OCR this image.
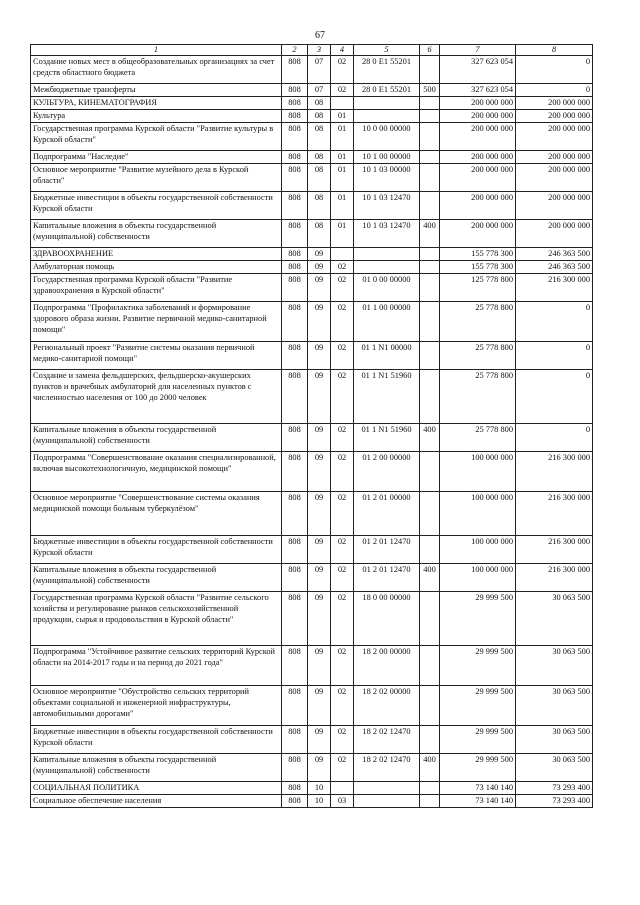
67
1	2	3	4	5	6	7	8
Создание новых мест в общеобразовательных организациях за счет средств областного бюджета	808	07	02	28 0 E1 55201		327 623 054	0
Межбюджетные трансферты	808	07	02	28 0 E1 55201	500	327 623 054	0
КУЛЬТУРА, КИНЕМАТОГРАФИЯ	808	08				200 000 000	200 000 000
Культура	808	08	01			200 000 000	200 000 000
Государственная программа Курской области "Развитие культуры в Курской области"	808	08	01	10 0 00 00000		200 000 000	200 000 000
Подпрограмма "Наследие"	808	08	01	10 1 00 00000		200 000 000	200 000 000
Основное мероприятие "Развитие музейного дела в Курской области"	808	08	01	10 1 03 00000		200 000 000	200 000 000
Бюджетные инвестиции в объекты государственной собственности Курской области	808	08	01	10 1 03 12470		200 000 000	200 000 000
Капитальные вложения в объекты государственной (муниципальной) собственности	808	08	01	10 1 03 12470	400	200 000 000	200 000 000
ЗДРАВООХРАНЕНИЕ	808	09				155 778 300	246 363 500
Амбулаторная помощь	808	09	02			155 778 300	246 363 500
Государственная программа Курской области "Развитие здравоохранения в Курской области"	808	09	02	01 0 00 00000		125 778 800	216 300 000
Подпрограмма "Профилактика заболеваний и формирование здорового образа жизни. Развитие первичной медико-санитарной помощи"	808	09	02	01 1 00 00000		25 778 800	0
Региональный проект "Развитие системы оказания первичной медико-санитарной помощи"	808	09	02	01 1 N1 00000		25 778 800	0
Создание и замена фельдшерских, фельдшерско-акушерских пунктов и врачебных амбулаторий для населенных пунктов с численностью населения от 100 до 2000 человек	808	09	02	01 1 N1 51960		25 778 800	0
Капитальные вложения в объекты государственной (муниципальной) собственности	808	09	02	01 1 N1 51960	400	25 778 800	0
Подпрограмма "Совершенствование оказания специализированной, включая высокотехнологичную, медицинской помощи"	808	09	02	01 2 00 00000		100 000 000	216 300 000
Основное мероприятие "Совершенствование системы оказания медицинской помощи больным туберкулёзом"	808	09	02	01 2 01 00000		100 000 000	216 300 000
Бюджетные инвестиции в объекты государственной собственности Курской области	808	09	02	01 2 01 12470		100 000 000	216 300 000
Капитальные вложения в объекты государственной (муниципальной) собственности	808	09	02	01 2 01 12470	400	100 000 000	216 300 000
Государственная программа Курской области "Развитие сельского хозяйства и регулирование рынков сельскохозяйственной продукции, сырья и продовольствия в Курской области"	808	09	02	18 0 00 00000		29 999 500	30 063 500
Подпрограмма "Устойчивое развитие сельских территорий Курской области на 2014-2017 годы и на период до 2021 года"	808	09	02	18 2 00 00000		29 999 500	30 063 500
Основное мероприятие "Обустройство сельских территорий объектами социальной и инженерной инфраструктуры, автомобильными дорогами"	808	09	02	18 2 02 00000		29 999 500	30 063 500
Бюджетные инвестиции в объекты государственной собственности Курской области	808	09	02	18 2 02 12470		29 999 500	30 063 500
Капитальные вложения в объекты государственной (муниципальной) собственности	808	09	02	18 2 02 12470	400	29 999 500	30 063 500
СОЦИАЛЬНАЯ ПОЛИТИКА	808	10				73 140 140	73 293 400
Социальное обеспечение населения	808	10	03			73 140 140	73 293 400
